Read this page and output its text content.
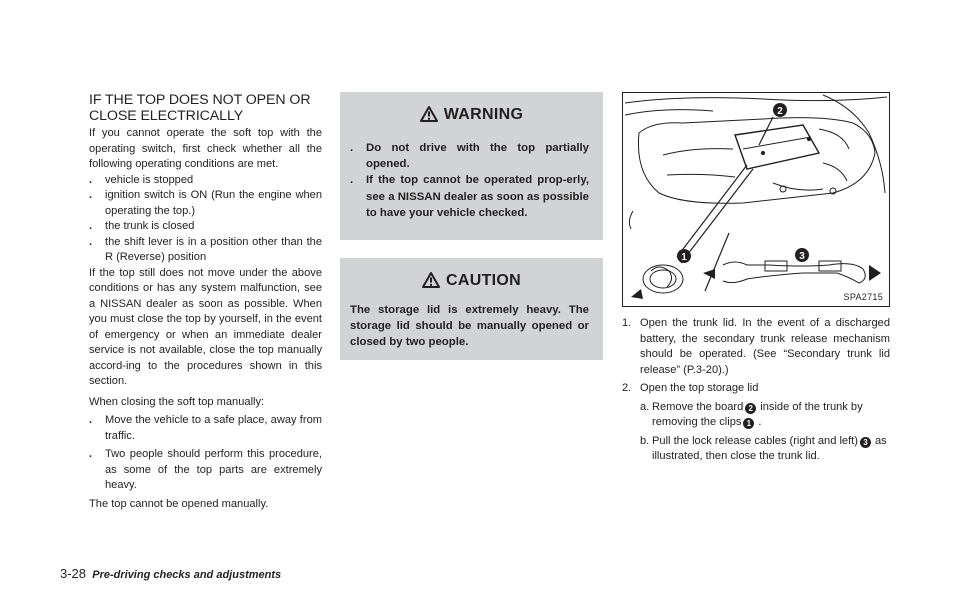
IF THE TOP DOES NOT OPEN OR CLOSE ELECTRICALLY

If you cannot operate the soft top with the operating switch, first check whether all the following operating conditions are met.

. vehicle is stopped
. ignition switch is ON (Run the engine when operating the top.)
. the trunk is closed
. the shift lever is in a position other than the R (Reverse) position

If the top still does not move under the above conditions or has any system malfunction, see a NISSAN dealer as soon as possible. When you must close the top by yourself, in the event of emergency or when an immediate dealer service is not available, close the top manually accord-ing to the procedures shown in this section.

When closing the soft top manually:

. Move the vehicle to a safe place, away from traffic.
. Two people should perform this procedure, as some of the top parts are extremely heavy.

The top cannot be opened manually.

WARNING
. Do not drive with the top partially opened.
. If the top cannot be operated prop-erly, see a NISSAN dealer as soon as possible to have your vehicle checked.
CAUTION

The storage lid is extremely heavy. The storage lid should be manually opened or closed by two people.

2
1	3
SPA2715
1. Open the trunk lid. In the event of a discharged battery, the secondary trunk release mechanism should be operated. (See “Secondary trunk lid release” (P.3-20).)
2. Open the top storage lid
a. Remove the board 2 inside of the trunk by removing the clips 1 .
b. Pull the lock release cables (right and left) 3 as illustrated, then close the trunk lid.
3-28 Pre-driving checks and adjustments
